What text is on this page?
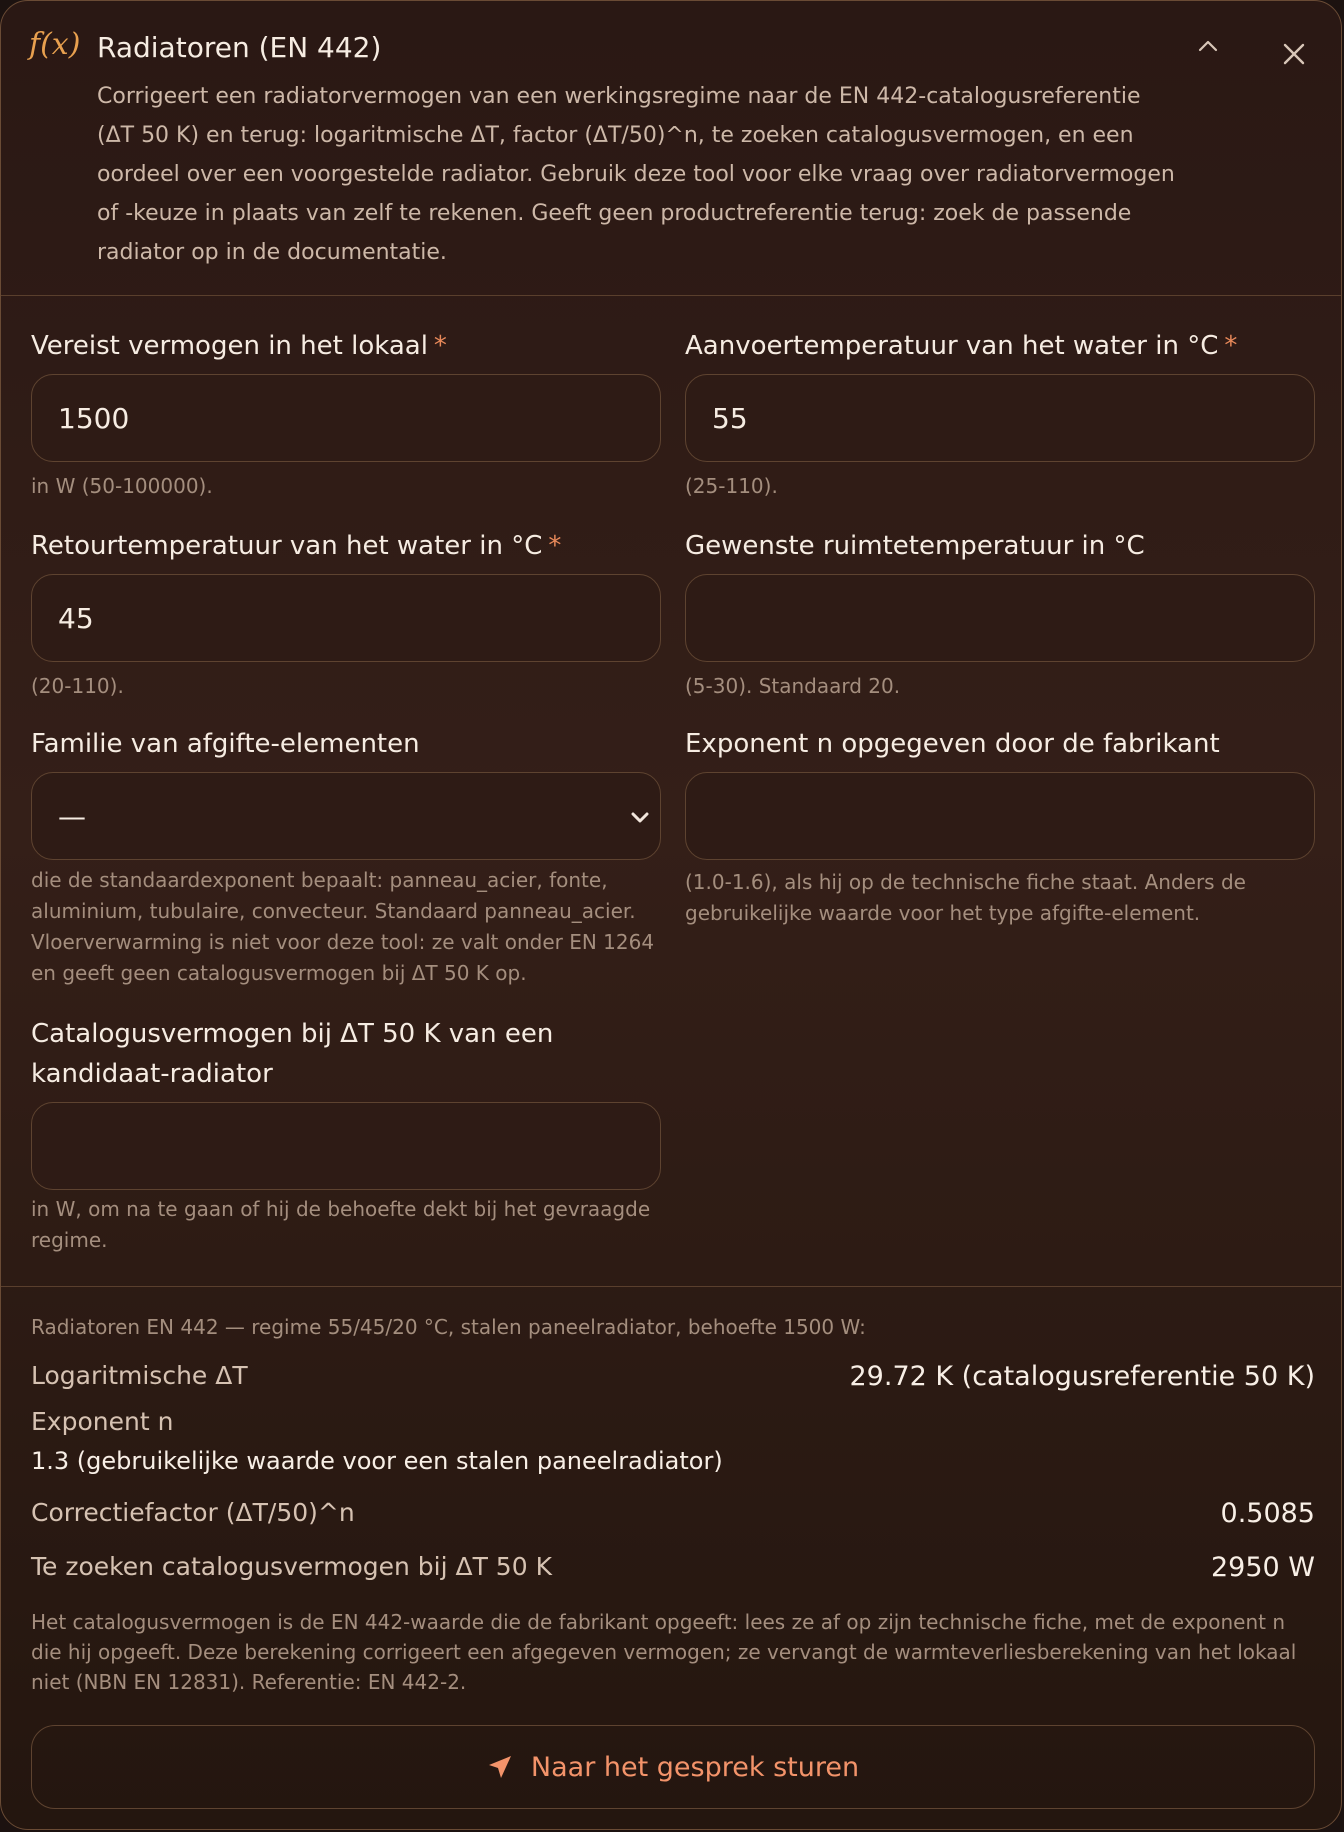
f(x) Radiatoren (EN 442)
Corrigeert een radiatorvermogen van een werkingsregime naar de EN 442-catalogusreferentie (ΔT 50 K) en terug: logaritmische ΔT, factor (ΔT/50)^n, te zoeken catalogusvermogen, en een oordeel over een voorgestelde radiator. Gebruik deze tool voor elke vraag over radiatorvermogen of -keuze in plaats van zelf te rekenen. Geeft geen productreferentie terug: zoek de passende radiator op in de documentatie.
Vereist vermogen in het lokaal *
1500
in W (50-100000).
Aanvoertemperatuur van het water in °C *
55
(25-110).
Retourtemperatuur van het water in °C *
45
(20-110).
Gewenste ruimtetemperatuur in °C
(5-30). Standaard 20.
Familie van afgifte-elementen
—
die de standaardexponent bepaalt: panneau_acier, fonte, aluminium, tubulaire, convecteur. Standaard panneau_acier. Vloerverwarming is niet voor deze tool: ze valt onder EN 1264 en geeft geen catalogusvermogen bij ΔT 50 K op.
Exponent n opgegeven door de fabrikant
(1.0-1.6), als hij op de technische fiche staat. Anders de gebruikelijke waarde voor het type afgifte-element.
Catalogusvermogen bij ΔT 50 K van een kandidaat-radiator
in W, om na te gaan of hij de behoefte dekt bij het gevraagde regime.
Radiatoren EN 442 — regime 55/45/20 °C, stalen paneelradiator, behoefte 1500 W:
Logaritmische ΔT	29.72 K (catalogusreferentie 50 K)
Exponent n
1.3 (gebruikelijke waarde voor een stalen paneelradiator)
Correctiefactor (ΔT/50)^n	0.5085
Te zoeken catalogusvermogen bij ΔT 50 K	2950 W
Het catalogusvermogen is de EN 442-waarde die de fabrikant opgeeft: lees ze af op zijn technische fiche, met de exponent n die hij opgeeft. Deze berekening corrigeert een afgegeven vermogen; ze vervangt de warmteverliesberekening van het lokaal niet (NBN EN 12831). Referentie: EN 442-2.
Naar het gesprek sturen
